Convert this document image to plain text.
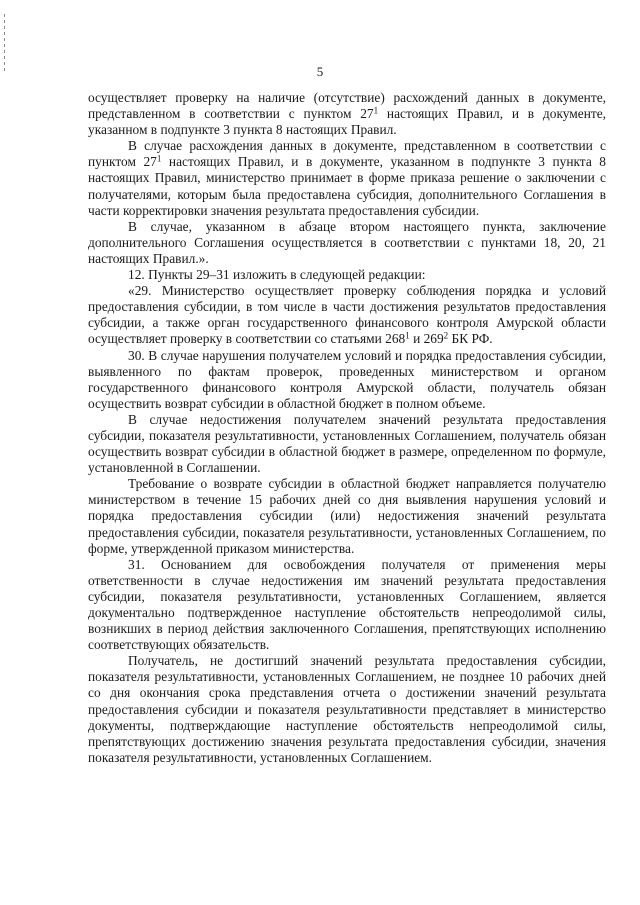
5

осуществляет проверку на наличие (отсутствие) расхождений данных в документе, представленном в соответствии с пунктом $27^1$ настоящих Правил, и в документе, указанном в подпункте 3 пункта 8 настоящих Правил.

В случае расхождения данных в документе, представленном в соответствии с пунктом $27^1$ настоящих Правил, и в документе, указанном в подпункте 3 пункта 8 настоящих Правил, министерство принимает в форме приказа решение о заключении с получателями, которым была предоставлена субсидия, дополнительного Соглашения в части корректировки значения результата предоставления субсидии.

В случае, указанном в абзаце втором настоящего пункта, заключение дополнительного Соглашения осуществляется в соответствии с пунктами 18, 20, 21 настоящих Правил.».

12. Пункты 29–31 изложить в следующей редакции:

«29. Министерство осуществляет проверку соблюдения порядка и условий предоставления субсидии, в том числе в части достижения результатов предоставления субсидии, а также орган государственного финансового контроля Амурской области осуществляет проверку в соответствии со статьями $268^1$ и $269^2$ БК РФ.

30. В случае нарушения получателем условий и порядка предоставления субсидии, выявленного по фактам проверок, проведенных министерством и органом государственного финансового контроля Амурской области, получатель обязан осуществить возврат субсидии в областной бюджет в полном объеме.

В случае недостижения получателем значений результата предоставления субсидии, показателя результативности, установленных Соглашением, получатель обязан осуществить возврат субсидии в областной бюджет в размере, определенном по формуле, установленной в Соглашении.

Требование о возврате субсидии в областной бюджет направляется получателю министерством в течение 15 рабочих дней со дня выявления нарушения условий и порядка предоставления субсидии (или) недостижения значений результата предоставления субсидии, показателя результативности, установленных Соглашением, по форме, утвержденной приказом министерства.

31. Основанием для освобождения получателя от применения меры ответственности в случае недостижения им значений результата предоставления субсидии, показателя результативности, установленных Соглашением, является документально подтвержденное наступление обстоятельств непреодолимой силы, возникших в период действия заключенного Соглашения, препятствующих исполнению соответствующих обязательств.

Получатель, не достигший значений результата предоставления субсидии, показателя результативности, установленных Соглашением, не позднее 10 рабочих дней со дня окончания срока представления отчета о достижении значений результата предоставления субсидии и показателя результативности представляет в министерство документы, подтверждающие наступление обстоятельств непреодолимой силы, препятствующих достижению значения результата предоставления субсидии, значения показателя результативности, установленных Соглашением.
